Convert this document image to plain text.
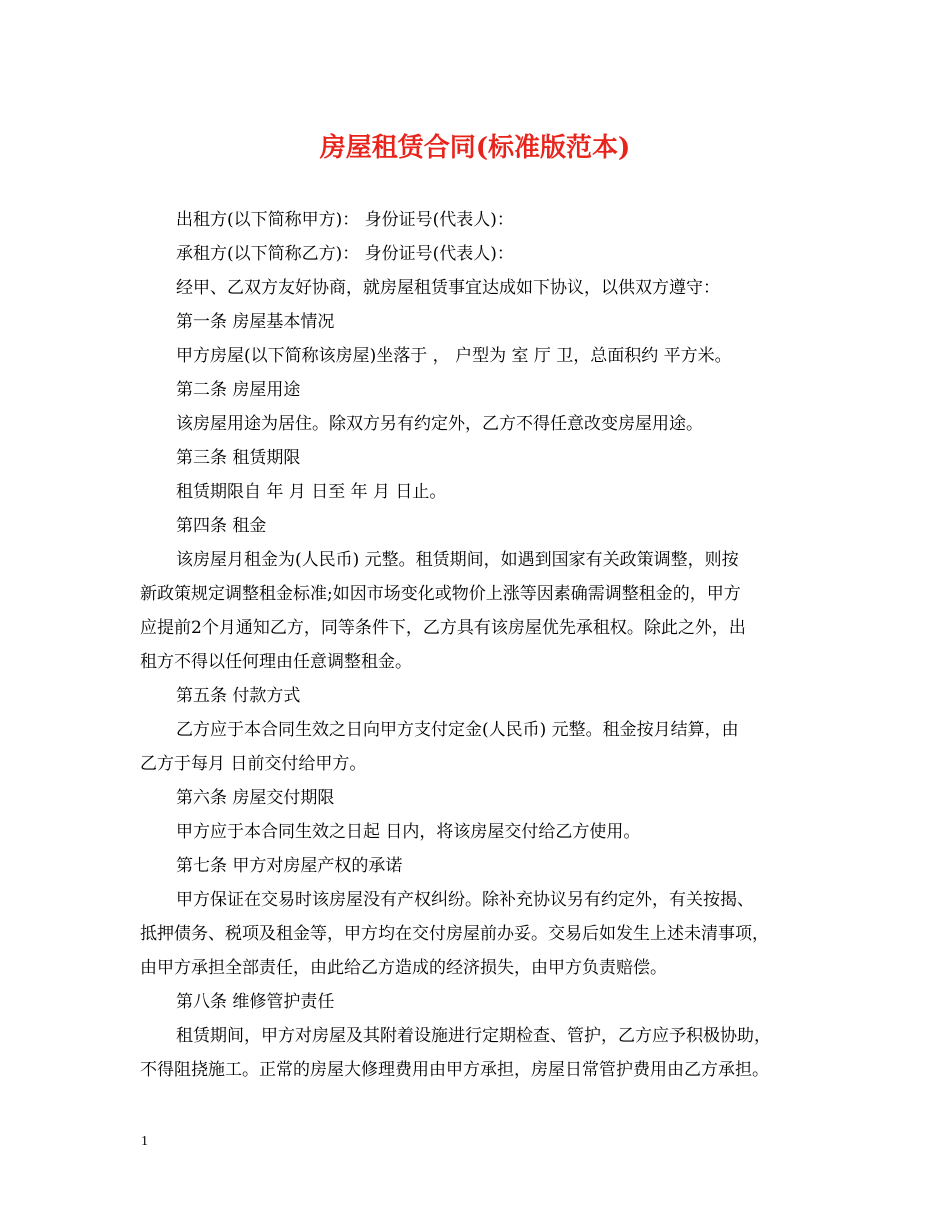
房屋租赁合同(标准版范本)
出租方(以下简称甲方)： 身份证号(代表人)：
承租方(以下简称乙方)： 身份证号(代表人)：
经甲、乙双方友好协商，就房屋租赁事宜达成如下协议，以供双方遵守：
第一条 房屋基本情况
甲方房屋(以下简称该房屋)坐落于 ， 户型为 室 厅 卫，总面积约 平方米。
第二条 房屋用途
该房屋用途为居住。除双方另有约定外，乙方不得任意改变房屋用途。
第三条 租赁期限
租赁期限自 年 月 日至 年 月 日止。
第四条 租金
该房屋月租金为(人民币) 元整。租赁期间，如遇到国家有关政策调整，则按
新政策规定调整租金标准;如因市场变化或物价上涨等因素确需调整租金的，甲方
应提前2个月通知乙方，同等条件下，乙方具有该房屋优先承租权。除此之外，出
租方不得以任何理由任意调整租金。
第五条 付款方式
乙方应于本合同生效之日向甲方支付定金(人民币) 元整。租金按月结算，由
乙方于每月 日前交付给甲方。
第六条 房屋交付期限
甲方应于本合同生效之日起 日内，将该房屋交付给乙方使用。
第七条 甲方对房屋产权的承诺
甲方保证在交易时该房屋没有产权纠纷。除补充协议另有约定外，有关按揭、
抵押债务、税项及租金等，甲方均在交付房屋前办妥。交易后如发生上述未清事项，
由甲方承担全部责任，由此给乙方造成的经济损失，由甲方负责赔偿。
第八条 维修管护责任
租赁期间，甲方对房屋及其附着设施进行定期检查、管护，乙方应予积极协助，
不得阻挠施工。正常的房屋大修理费用由甲方承担，房屋日常管护费用由乙方承担。
1
